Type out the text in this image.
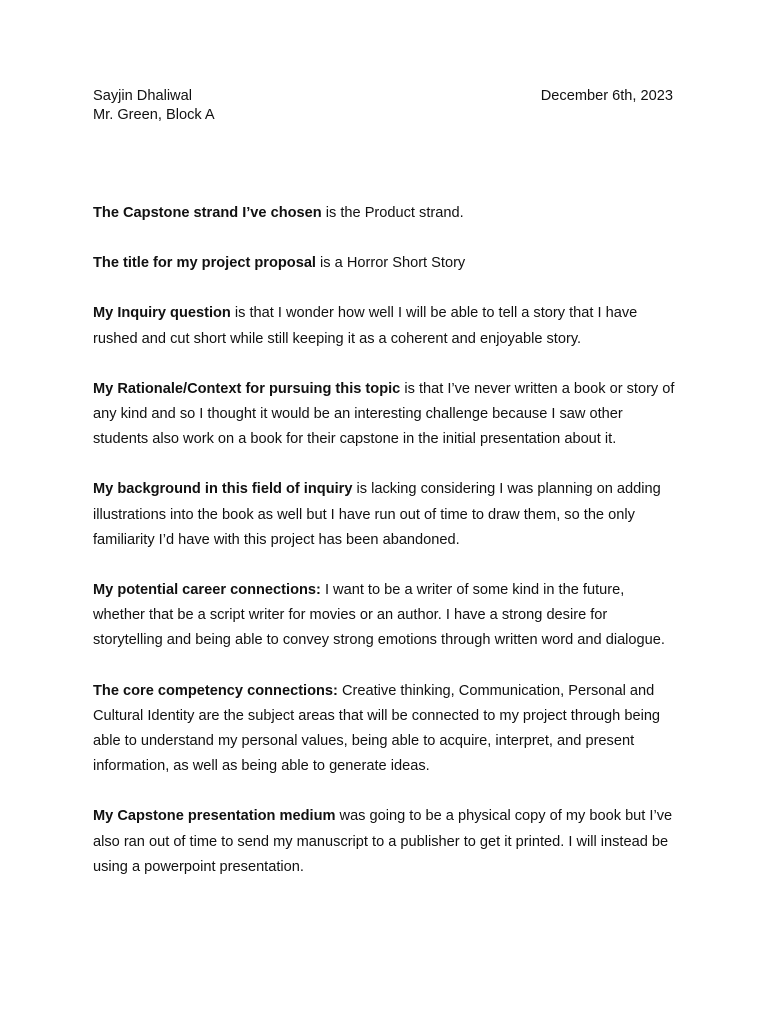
Sayjin Dhaliwal	December 6th, 2023
Mr. Green, Block A

The Capstone strand I’ve chosen is the Product strand.

The title for my project proposal is a Horror Short Story

My Inquiry question is that I wonder how well I will be able to tell a story that I have rushed and cut short while still keeping it as a coherent and enjoyable story.

My Rationale/Context for pursuing this topic is that I’ve never written a book or story of any kind and so I thought it would be an interesting challenge because I saw other students also work on a book for their capstone in the initial presentation about it.

My background in this field of inquiry is lacking considering I was planning on adding illustrations into the book as well but I have run out of time to draw them, so the only familiarity I’d have with this project has been abandoned.

My potential career connections: I want to be a writer of some kind in the future, whether that be a script writer for movies or an author. I have a strong desire for storytelling and being able to convey strong emotions through written word and dialogue.

The core competency connections: Creative thinking, Communication, Personal and Cultural Identity are the subject areas that will be connected to my project through being able to understand my personal values, being able to acquire, interpret, and present information, as well as being able to generate ideas.

My Capstone presentation medium was going to be a physical copy of my book but I’ve also ran out of time to send my manuscript to a publisher to get it printed. I will instead be using a powerpoint presentation.
